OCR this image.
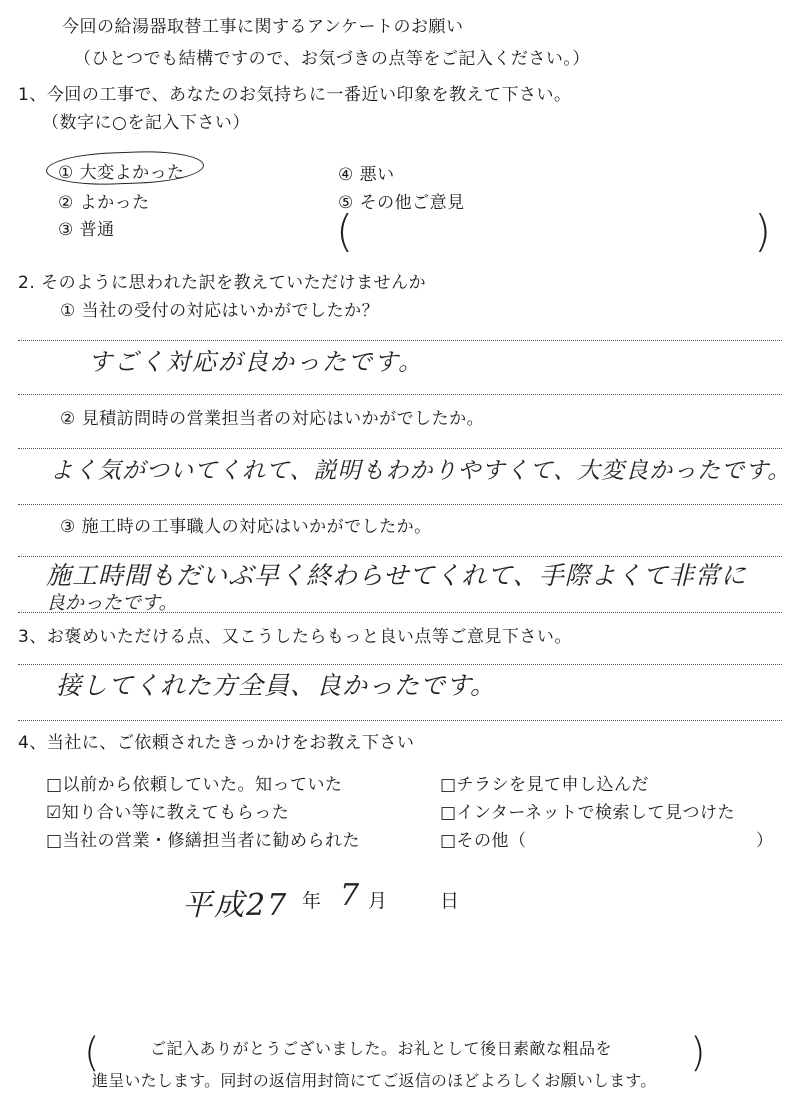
今回の給湯器取替工事に関するアンケートのお願い
（ひとつでも結構ですので、お気づきの点等をご記入ください。）
1、今回の工事で、あなたのお気持ちに一番近い印象を教えて下さい。
（数字に○を記入下さい）
① 大変よかった
② よかった
③ 普通
④ 悪い
⑤ その他ご意見
(	)
2. そのように思われた訳を教えていただけませんか
① 当社の受付の対応はいかがでしたか？
すごく対応が良かったです。
② 見積訪問時の営業担当者の対応はいかがでしたか。
よく気がついてくれて、説明もわかりやすくて、大変良かったです。
③ 施工時の工事職人の対応はいかがでしたか。
施工時間もだいぶ早く終わらせてくれて、手際よくて非常に
良かったです。
3、お褒めいただける点、又こうしたらもっと良い点等ご意見下さい。
接してくれた方全員、良かったです。
4、当社に、ご依頼されたきっかけをお教え下さい
□以前から依頼していた。知っていた
☑知り合い等に教えてもらった
□当社の営業・修繕担当者に勧められた
□チラシを見て申し込んだ
□インターネットで検索して見つけた
□その他（	）
平成27 年 7 月	日
(	ご記入ありがとうございました。お礼として後日素敵な粗品を
進呈いたします。同封の返信用封筒にてご返信のほどよろしくお願いします。
)
